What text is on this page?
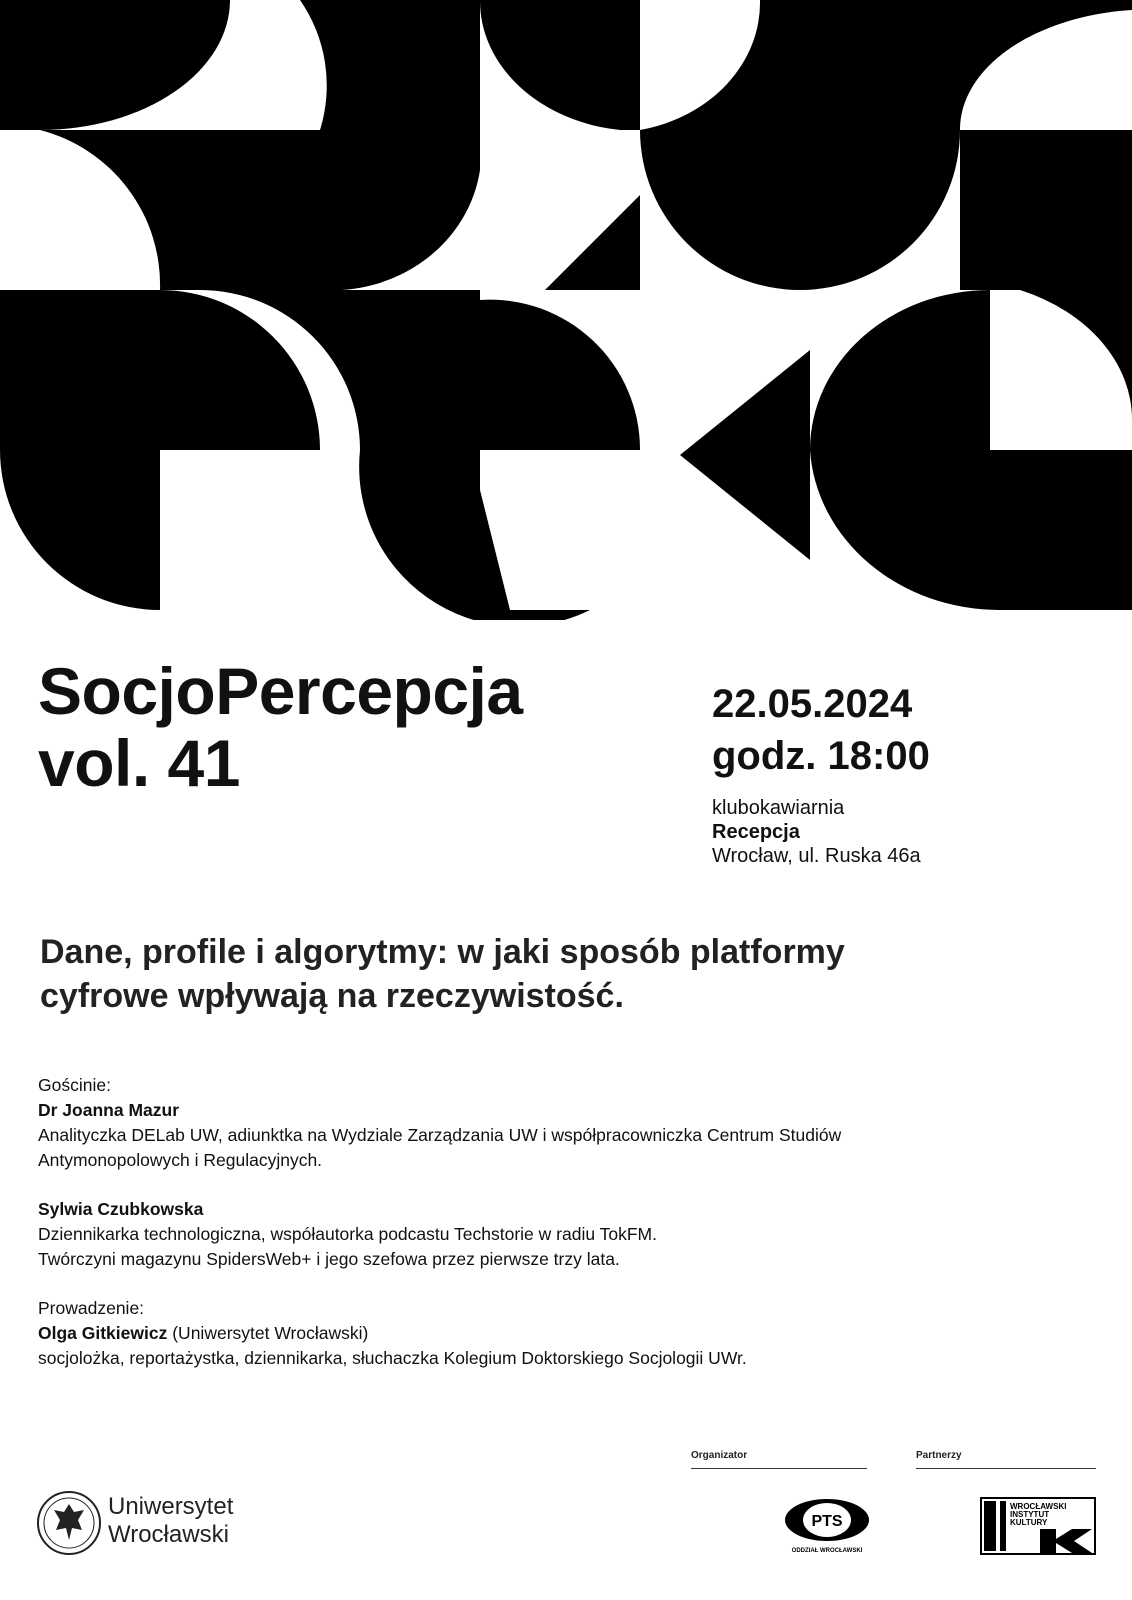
SocjoPercepcja
vol. 41
22.05.2024
godz. 18:00
klubokawiarnia
Recepcja
Wrocław, ul. Ruska 46a
Dane, profile i algorytmy: w jaki sposób platformy
cyfrowe wpływają na rzeczywistość.

Gościnie:

Dr Joanna Mazur

Analityczka DELab UW, adiunktka na Wydziale Zarządzania UW i współpracowniczka Centrum Studiów

Antymonopolowych i Regulacyjnych.

Sylwia Czubkowska

Dziennikarka technologiczna, współautorka podcastu Techstorie w radiu TokFM.

Twórczyni magazynu SpidersWeb+ i jego szefowa przez pierwsze trzy lata.

Prowadzenie:

Olga Gitkiewicz (Uniwersytet Wrocławski)

socjolożka, reportażystka, dziennikarka, słuchaczka Kolegium Doktorskiego Socjologii UWr.

Organizator	Partnerzy
Uniwersytet
Wrocławski	PTS
ODDZIAŁ WROCŁAWSKI
WROCŁAWSKI
INSTYTUT
KULTURY
